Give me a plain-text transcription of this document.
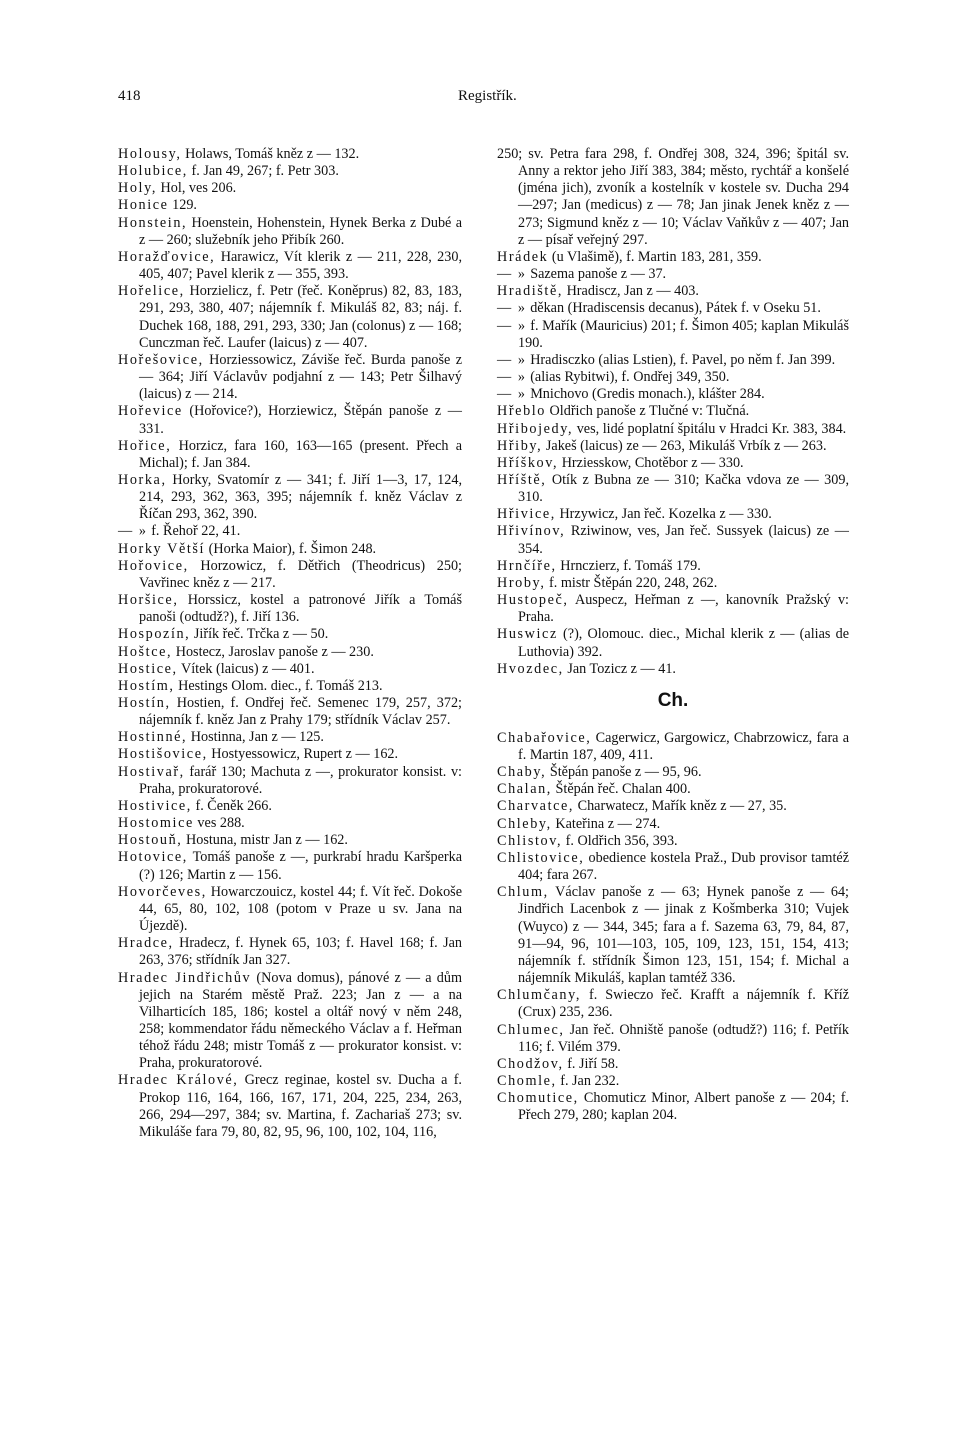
418	Registřík.

Holousy, Holaws, Tomáš kněz z — 132.

Holubice, f. Jan 49, 267; f. Petr 303.

Holy, Hol, ves 206.

Honice 129.

Honstein, Hoenstein, Hohenstein, Hynek Berka z Dubé a z — 260; služebník jeho Přibík 260.

Horažďovice, Harawicz, Vít klerik z — 211, 228, 230, 405, 407; Pavel klerik z — 355, 393.

Hořelice, Horzielicz, f. Petr (řeč. Koněprus) 82, 83, 183, 291, 293, 380, 407; nájemník f. Mikuláš 82, 83; náj. f. Duchek 168, 188, 291, 293, 330; Jan (colonus) z — 168; Cunczman řeč. Laufer (laicus) z — 407.

Hořešovice, Horziessowicz, Záviše řeč. Burda panoše z — 364; Jiří Václavův podjahní z — 143; Petr Šilhavý (laicus) z — 214.

Hořevice (Hořovice?), Horziewicz, Štěpán panoše z — 331.

Hořice, Horzicz, fara 160, 163—165 (present. Přech a Michal); f. Jan 384.

Horka, Horky, Svatomír z — 341; f. Jiří 1—3, 17, 124, 214, 293, 362, 363, 395; nájemník f. kněz Václav z Říčan 293, 362, 390.

— » f. Řehoř 22, 41.

Horky Větší (Horka Maior), f. Šimon 248.

Hořovice, Horzowicz, f. Dětřich (Theodricus) 250; Vavřinec kněz z — 217.

Horšice, Horssicz, kostel a patronové Jiřík a Tomáš panoši (odtudž?), f. Jiří 136.

Hospozín, Jiřík řeč. Trčka z — 50.

Hoštce, Hostecz, Jaroslav panoše z — 230.

Hostice, Vítek (laicus) z — 401.

Hostím, Hestings Olom. diec., f. Tomáš 213.

Hostín, Hostien, f. Ondřej řeč. Semenec 179, 257, 372; nájemník f. kněz Jan z Prahy 179; střídník Václav 257.

Hostinné, Hostinna, Jan z — 125.

Hostišovice, Hostyessowicz, Rupert z — 162.

Hostivař, farář 130; Machuta z —, prokurator konsist. v: Praha, prokuratorové.

Hostivice, f. Čeněk 266.

Hostomice ves 288.

Hostouň, Hostuna, mistr Jan z — 162.

Hotovice, Tomáš panoše z —, purkrabí hradu Karšperka (?) 126; Martin z — 156.

Hovorčeves, Howarczouicz, kostel 44; f. Vít řeč. Dokoše 44, 65, 80, 102, 108 (potom v Praze u sv. Jana na Újezdě).

Hradce, Hradecz, f. Hynek 65, 103; f. Havel 168; f. Jan 263, 376; střídník Jan 327.

Hradec Jindřichův (Nova domus), pánové z — a dům jejich na Starém městě Praž. 223; Jan z — a na Vilharticích 185, 186; kostel a oltář nový v něm 248, 258; kommendator řádu německého Václav a f. Heřman téhož řádu 248; mistr Tomáš z — prokurator konsist. v: Praha, prokuratorové.

Hradec Králové, Grecz reginae, kostel sv. Ducha a f. Prokop 116, 164, 166, 167, 171, 204, 225, 234, 263, 266, 294—297, 384; sv. Martina, f. Zachariaš 273; sv. Mikuláše fara 79, 80, 82, 95, 96, 100, 102, 104, 116,

250; sv. Petra fara 298, f. Ondřej 308, 324, 396; špitál sv. Anny a rektor jeho Jiří 383, 384; město, rychtář a konšelé (jména jich), zvoník a kostelník v kostele sv. Ducha 294—297; Jan (medicus) z — 78; Jan jinak Jenek kněz z — 273; Sigmund kněz z — 10; Václav Vaňkův z — 407; Jan z — písař veřejný 297.

Hrádek (u Vlašimě), f. Martin 183, 281, 359.

— » Sazema panoše z — 37.

Hradiště, Hradiscz, Jan z — 403.

— » děkan (Hradiscensis decanus), Pátek f. v Oseku 51.

— » f. Mařík (Mauricius) 201; f. Šimon 405; kaplan Mikuláš 190.

— » Hradisczko (alias Lstien), f. Pavel, po něm f. Jan 399.

— » (alias Rybitwi), f. Ondřej 349, 350.

— » Mnichovo (Gredis monach.), klášter 284.

Hřeblo Oldřich panoše z Tlučné v: Tlučná.

Hřibojedy, ves, lidé poplatní špitálu v Hradci Kr. 383, 384.

Hřiby, Jakeš (laicus) ze — 263, Mikuláš Vrbík z — 263.

Hříškov, Hrziesskow, Chotěbor z — 330.

Hříště, Otík z Bubna ze — 310; Kačka vdova ze — 309, 310.

Hřivice, Hrzywicz, Jan řeč. Kozelka z — 330.

Hřivínov, Rziwinow, ves, Jan řeč. Sussyek (laicus) ze — 354.

Hrnčíře, Hrnczierz, f. Tomáš 179.

Hroby, f. mistr Štěpán 220, 248, 262.

Hustopeč, Auspecz, Heřman z —, kanovník Pražský v: Praha.

Huswicz (?), Olomouc. diec., Michal klerik z — (alias de Luthovia) 392.

Hvozdec, Jan Tozicz z — 41.

Ch.

Chabařovice, Cagerwicz, Gargowicz, Chabrzowicz, fara a f. Martin 187, 409, 411.

Chaby, Štěpán panoše z — 95, 96.

Chalan, Štěpán řeč. Chalan 400.

Charvatce, Charwatecz, Mařík kněz z — 27, 35.

Chleby, Kateřina z — 274.

Chlistov, f. Oldřich 356, 393.

Chlistovice, obedience kostela Praž., Dub provisor tamtéž 404; fara 267.

Chlum, Václav panoše z — 63; Hynek panoše z — 64; Jindřich Lacenbok z — jinak z Košmberka 310; Vujek (Wuyco) z — 344, 345; fara a f. Sazema 63, 79, 84, 87, 91—94, 96, 101—103, 105, 109, 123, 151, 154, 413; nájemník f. střídník Šimon 123, 151, 154; f. Michal a nájemník Mikuláš, kaplan tamtéž 336.

Chlumčany, f. Swieczo řeč. Krafft a nájemník f. Kříž (Crux) 235, 236.

Chlumec, Jan řeč. Ohniště panoše (odtudž?) 116; f. Petřík 116; f. Vilém 379.

Chodžov, f. Jiří 58.

Chomle, f. Jan 232.

Chomutice, Chomuticz Minor, Albert panoše z — 204; f. Přech 279, 280; kaplan 204.
